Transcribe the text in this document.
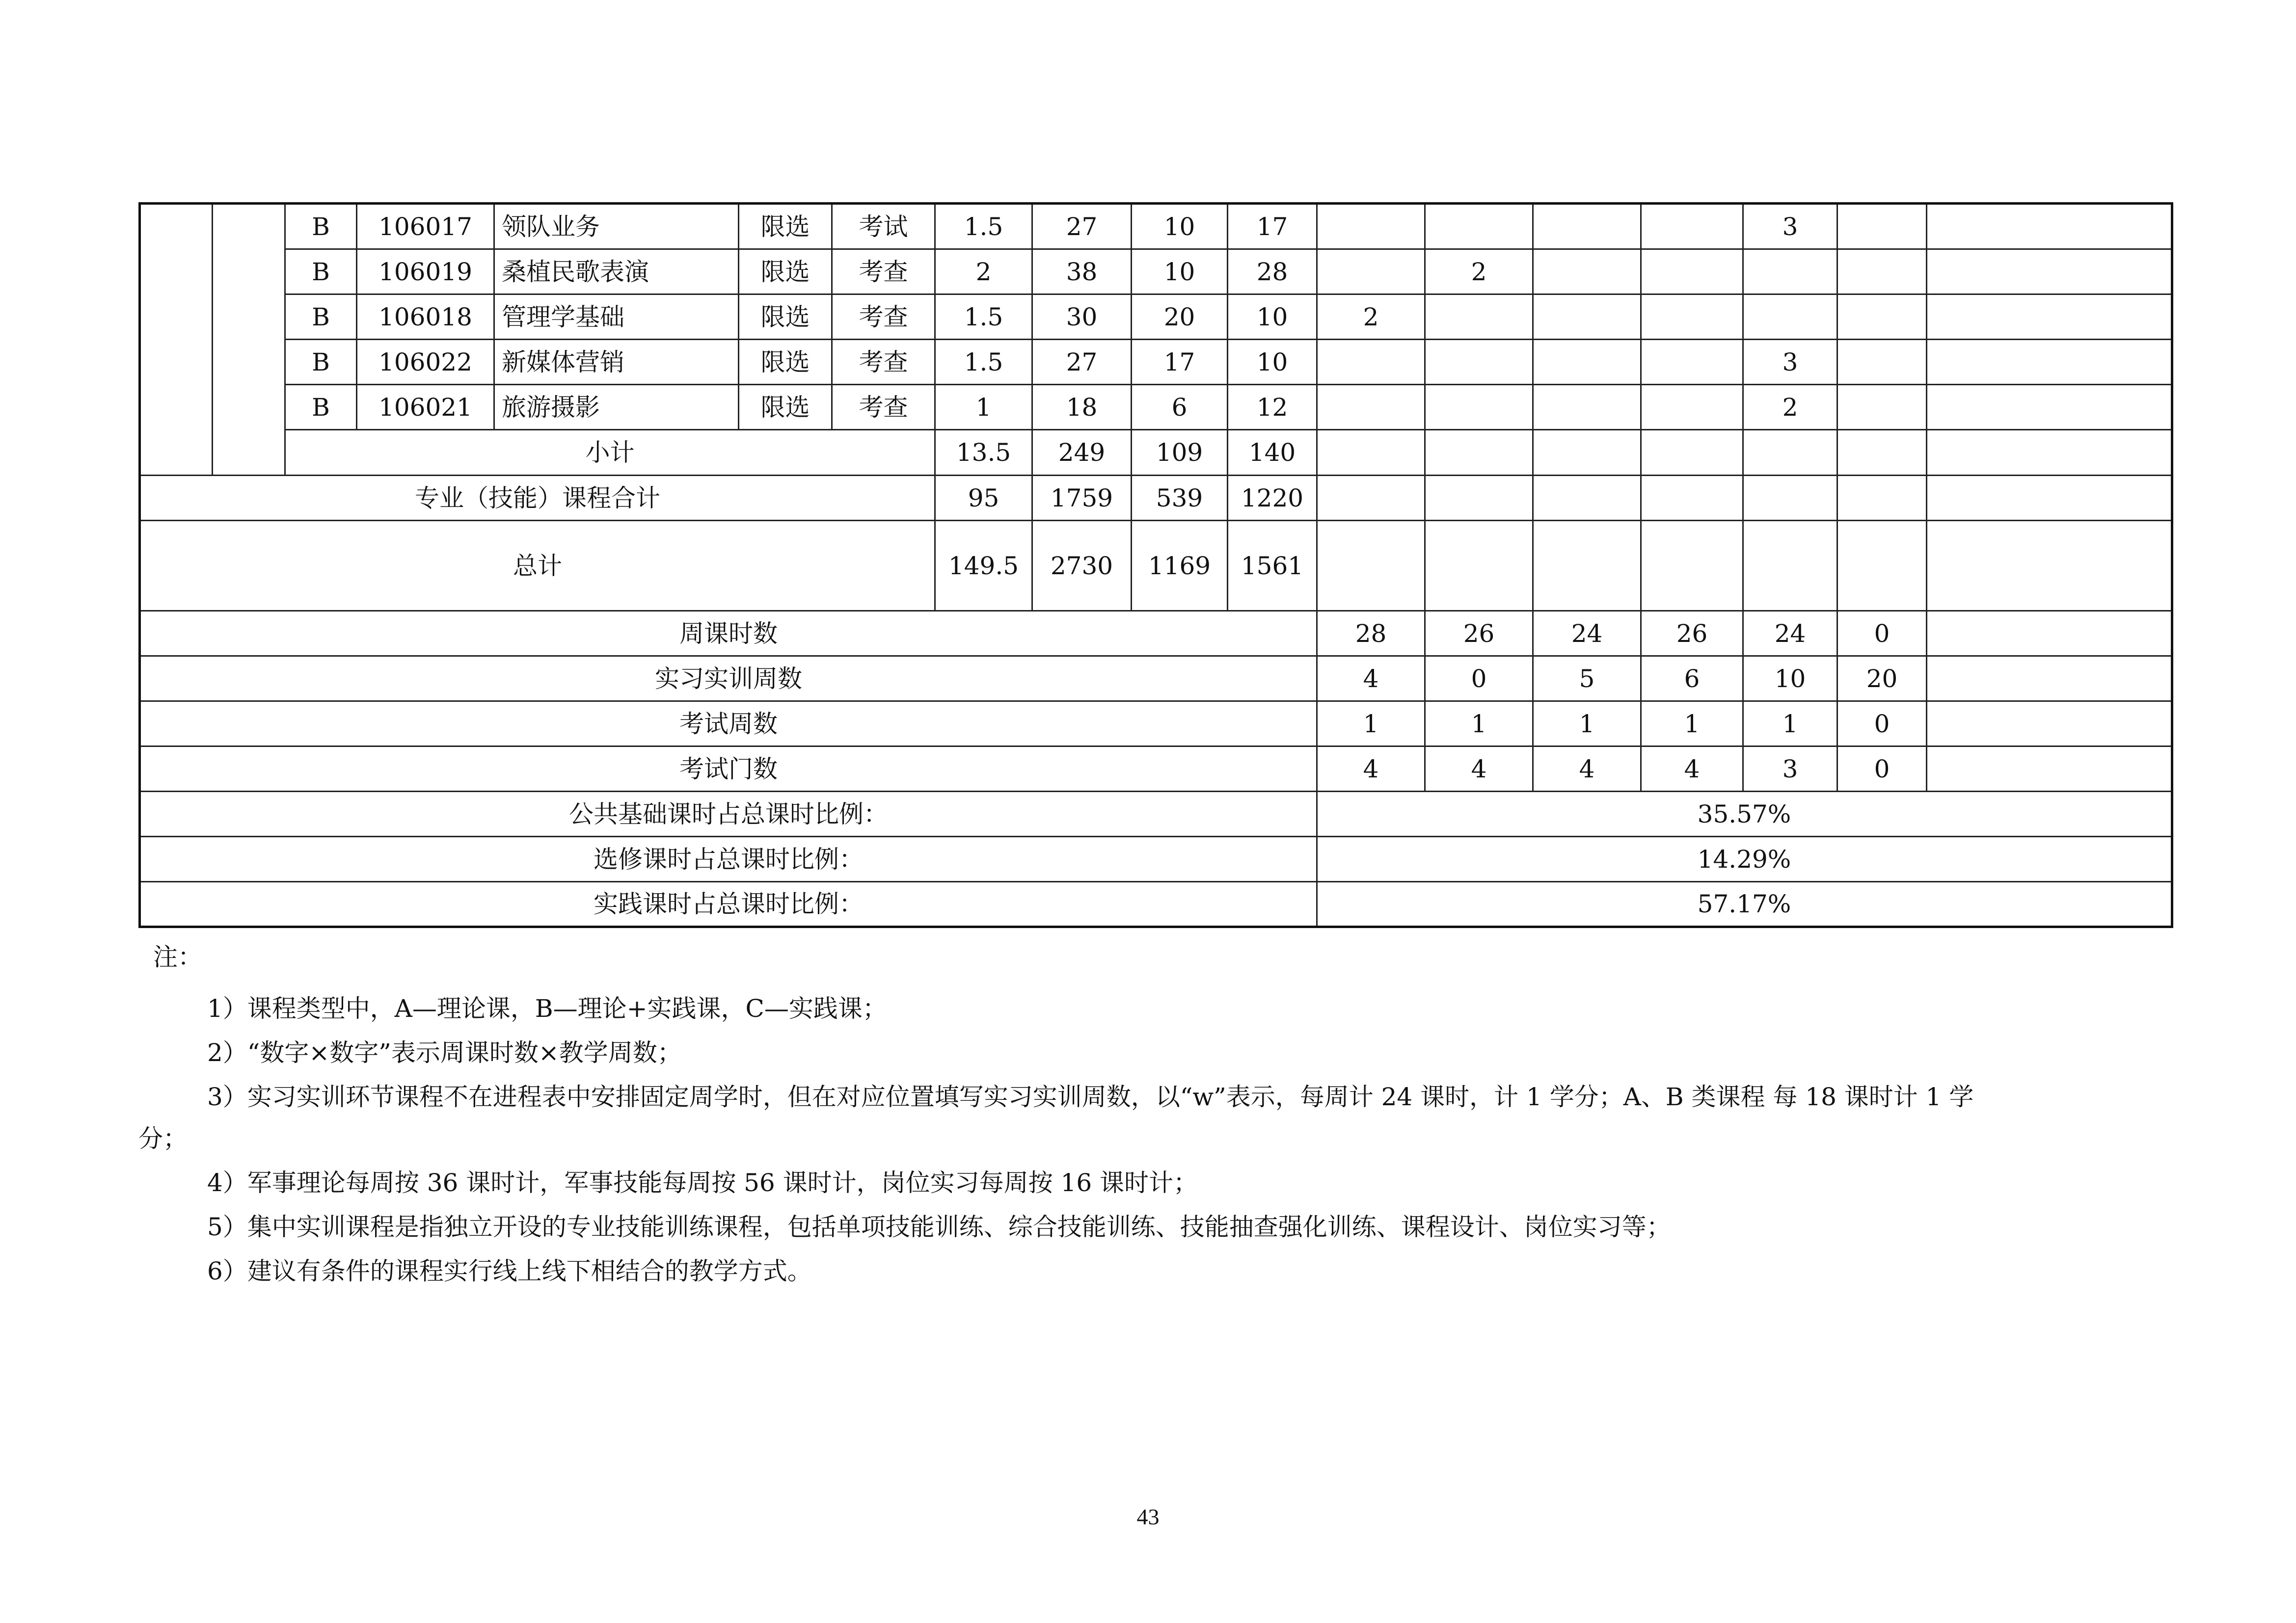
		B	106017	领队业务	限选	考试	1.5	27	10	17					3		
		B	106019	桑植民歌表演	限选	考查	2	38	10	28		2					
		B	106018	管理学基础	限选	考查	1.5	30	20	10	2						
		B	106022	新媒体营销	限选	考查	1.5	27	17	10					3		
		B	106021	旅游摄影	限选	考查	1	18	6	12					2		
		小计					13.5	249	109	140							
专业（技能）课程合计							95	1759	539	1220							
总计							149.5	2730	1169	1561							
周课时数											28	26	24	26	24	0	
实习实训周数											4	0	5	6	10	20	
考试周数											1	1	1	1	1	0	
考试门数											4	4	4	4	3	0	
公共基础课时占总课时比例：											35.57%						
选修课时占总课时比例：											14.29%						
实践课时占总课时比例：											57.17%						
注：
1）课程类型中，A—理论课，B—理论+实践课，C—实践课；
2）“数字×数字”表示周课时数×教学周数；
3）实习实训环节课程不在进程表中安排固定周学时，但在对应位置填写实习实训周数，以“w”表示，每周计 24 课时，计 1 学分；A、B 类课程 每 18 课时计 1 学
分；
4）军事理论每周按 36 课时计，军事技能每周按 56 课时计，岗位实习每周按 16 课时计；
5）集中实训课程是指独立开设的专业技能训练课程，包括单项技能训练、综合技能训练、技能抽查强化训练、课程设计、岗位实习等；
6）建议有条件的课程实行线上线下相结合的教学方式。
43
